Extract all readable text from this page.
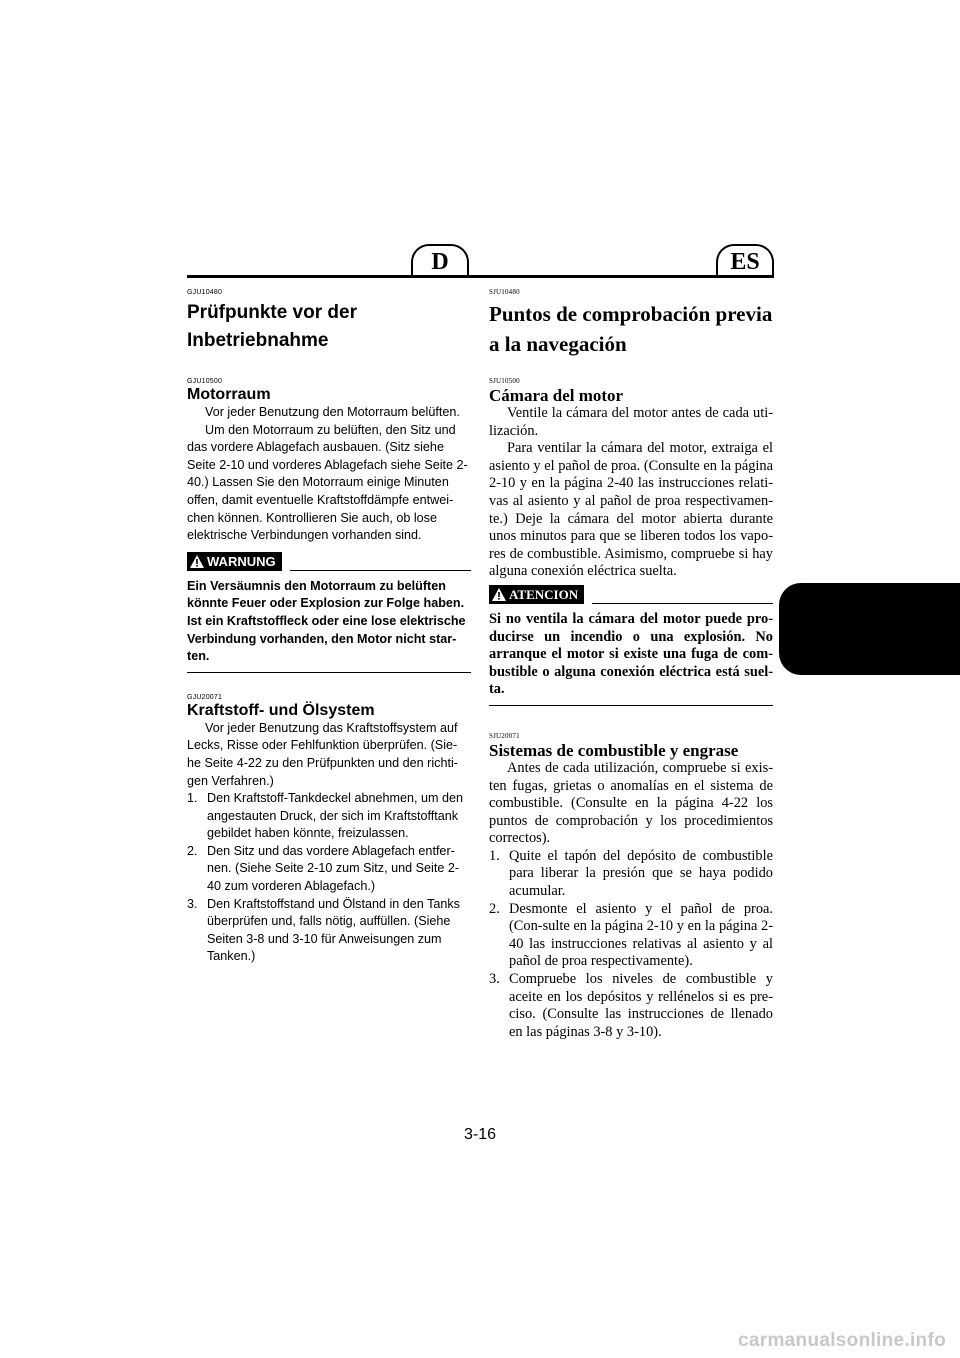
D	ES
GJU10480
Prüfpunkte vor der Inbetriebnahme
GJU10500
Motorraum

Vor jeder Benutzung den Motorraum belüften.

Um den Motorraum zu belüften, den Sitz und das vordere Ablagefach ausbauen. (Sitz siehe Seite 2-10 und vorderes Ablagefach siehe Seite 2-40.) Lassen Sie den Motorraum einige Minuten offen, damit eventuelle Kraftstoffdämpfe entwei-chen können. Kontrollieren Sie auch, ob lose elektrische Verbindungen vorhanden sind.

WARNUNG
Ein Versäumnis den Motorraum zu belüften könnte Feuer oder Explosion zur Folge haben. Ist ein Kraftstoffleck oder eine lose elektrische Verbindung vorhanden, den Motor nicht star-ten.
GJU20071
Kraftstoff- und Ölsystem

Vor jeder Benutzung das Kraftstoffsystem auf Lecks, Risse oder Fehlfunktion überprüfen. (Sie-he Seite 4-22 zu den Prüfpunkten und den richti-gen Verfahren.)

1. Den Kraftstoff-Tankdeckel abnehmen, um den angestauten Druck, der sich im Kraftstofftank gebildet haben könnte, freizulassen.
2. Den Sitz und das vordere Ablagefach entfer-nen. (Siehe Seite 2-10 zum Sitz, und Seite 2-40 zum vorderen Ablagefach.)
3. Den Kraftstoffstand und Ölstand in den Tanks überprüfen und, falls nötig, auffüllen. (Siehe Seiten 3-8 und 3-10 für Anweisungen zum Tanken.)
SJU10480
Puntos de comprobación previa a la navegación
SJU10500
Cámara del motor

Ventile la cámara del motor antes de cada uti-lización.

Para ventilar la cámara del motor, extraiga el asiento y el pañol de proa. (Consulte en la página 2-10 y en la página 2-40 las instrucciones relati-vas al asiento y al pañol de proa respectivamen-te.) Deje la cámara del motor abierta durante unos minutos para que se liberen todos los vapo-res de combustible. Asimismo, compruebe si hay alguna conexión eléctrica suelta.

ATENCION
Si no ventila la cámara del motor puede pro-ducirse un incendio o una explosión. No arranque el motor si existe una fuga de com-bustible o alguna conexión eléctrica está suel-ta.
SJU20071
Sistemas de combustible y engrase

Antes de cada utilización, compruebe si exis-ten fugas, grietas o anomalías en el sistema de combustible. (Consulte en la página 4-22 los puntos de comprobación y los procedimientos correctos).

1. Quite el tapón del depósito de combustible para liberar la presión que se haya podido acumular.
2. Desmonte el asiento y el pañol de proa. (Con-sulte en la página 2-10 y en la página 2-40 las instrucciones relativas al asiento y al pañol de proa respectivamente).
3. Compruebe los niveles de combustible y aceite en los depósitos y rellénelos si es pre-ciso. (Consulte las instrucciones de llenado en las páginas 3-8 y 3-10).
3-16
carmanualsonline.info
